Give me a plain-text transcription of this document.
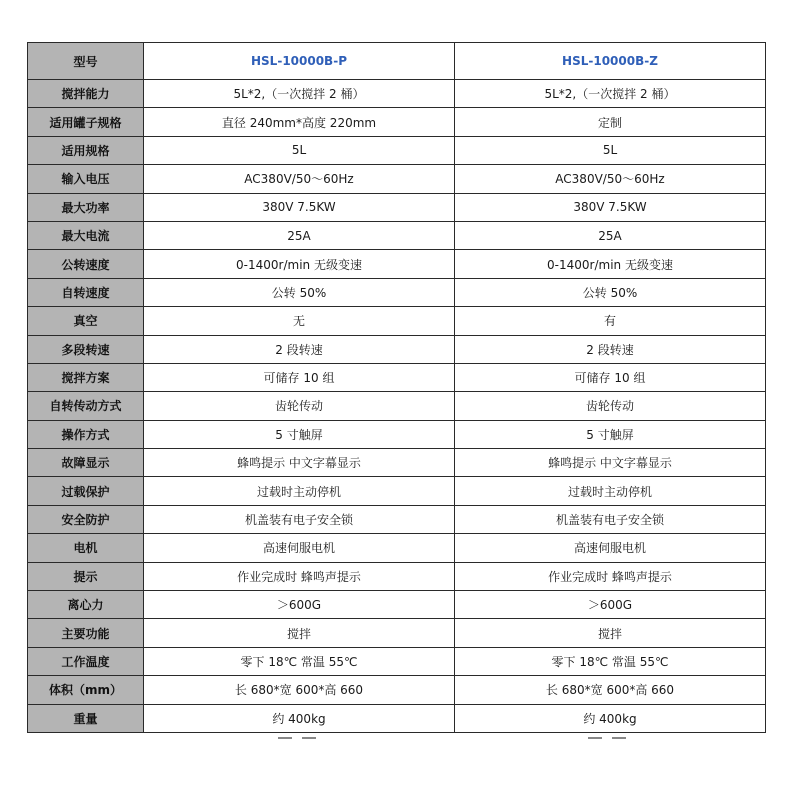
型号	HSL-10000B-P	HSL-10000B-Z
搅拌能力	5L*2,（一次搅拌 2 桶）	5L*2,（一次搅拌 2 桶）
适用罐子规格	直径 240mm*高度 220mm	定制
适用规格	5L	5L
输入电压	AC380V/50～60Hz	AC380V/50～60Hz
最大功率	380V 7.5KW	380V 7.5KW
最大电流	25A	25A
公转速度	0-1400r/min 无级变速	0-1400r/min 无级变速
自转速度	公转 50%	公转 50%
真空	无	有
多段转速	2 段转速	2 段转速
搅拌方案	可储存 10 组	可储存 10 组
自转传动方式	齿轮传动	齿轮传动
操作方式	5 寸触屏	5 寸触屏
故障显示	蜂鸣提示 中文字幕显示	蜂鸣提示 中文字幕显示
过载保护	过载时主动停机	过载时主动停机
安全防护	机盖装有电子安全锁	机盖装有电子安全锁
电机	高速伺服电机	高速伺服电机
提示	作业完成时 蜂鸣声提示	作业完成时 蜂鸣声提示
离心力	＞600G	＞600G
主要功能	搅拌	搅拌
工作温度	零下 18℃ 常温 55℃	零下 18℃ 常温 55℃
体积（mm）	长 680*宽 600*高 660	长 680*宽 600*高 660
重量	约 400kg	约 400kg
